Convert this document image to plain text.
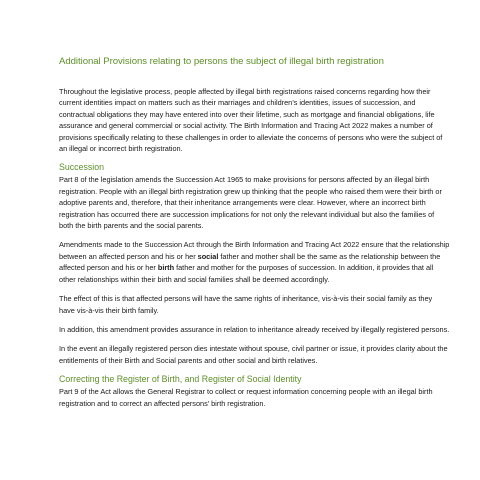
Additional Provisions relating to persons the subject of illegal birth registration

Throughout the legislative process, people affected by illegal birth registrations raised concerns regarding how their current identities impact on matters such as their marriages and children’s identities, issues of succession, and contractual obligations they may have entered into over their lifetime, such as mortgage and financial obligations, life assurance and general commercial or social activity. The Birth Information and Tracing Act 2022 makes a number of provisions specifically relating to these challenges in order to alleviate the concerns of persons who were the subject of an illegal or incorrect birth registration.

Succession

Part 8 of the legislation amends the Succession Act 1965 to make provisions for persons affected by an illegal birth registration. People with an illegal birth registration grew up thinking that the people who raised them were their birth or adoptive parents and, therefore, that their inheritance arrangements were clear. However, where an incorrect birth registration has occurred there are succession implications for not only the relevant individual but also the families of both the birth parents and the social parents.

Amendments made to the Succession Act through the Birth Information and Tracing Act 2022 ensure that the relationship between an affected person and his or her social father and mother shall be the same as the relationship between the affected person and his or her birth father and mother for the purposes of succession. In addition, it provides that all other relationships within their birth and social families shall be deemed accordingly.

The effect of this is that affected persons will have the same rights of inheritance, vis-à-vis their social family as they have vis-à-vis their birth family.

In addition, this amendment provides assurance in relation to inheritance already received by illegally registered persons.

In the event an illegally registered person dies intestate without spouse, civil partner or issue, it provides clarity about the entitlements of their Birth and Social parents and other social and birth relatives.

Correcting the Register of Birth, and Register of Social Identity

Part 9 of the Act allows the General Registrar to collect or request information concerning people with an illegal birth registration and to correct an affected persons’ birth registration.
